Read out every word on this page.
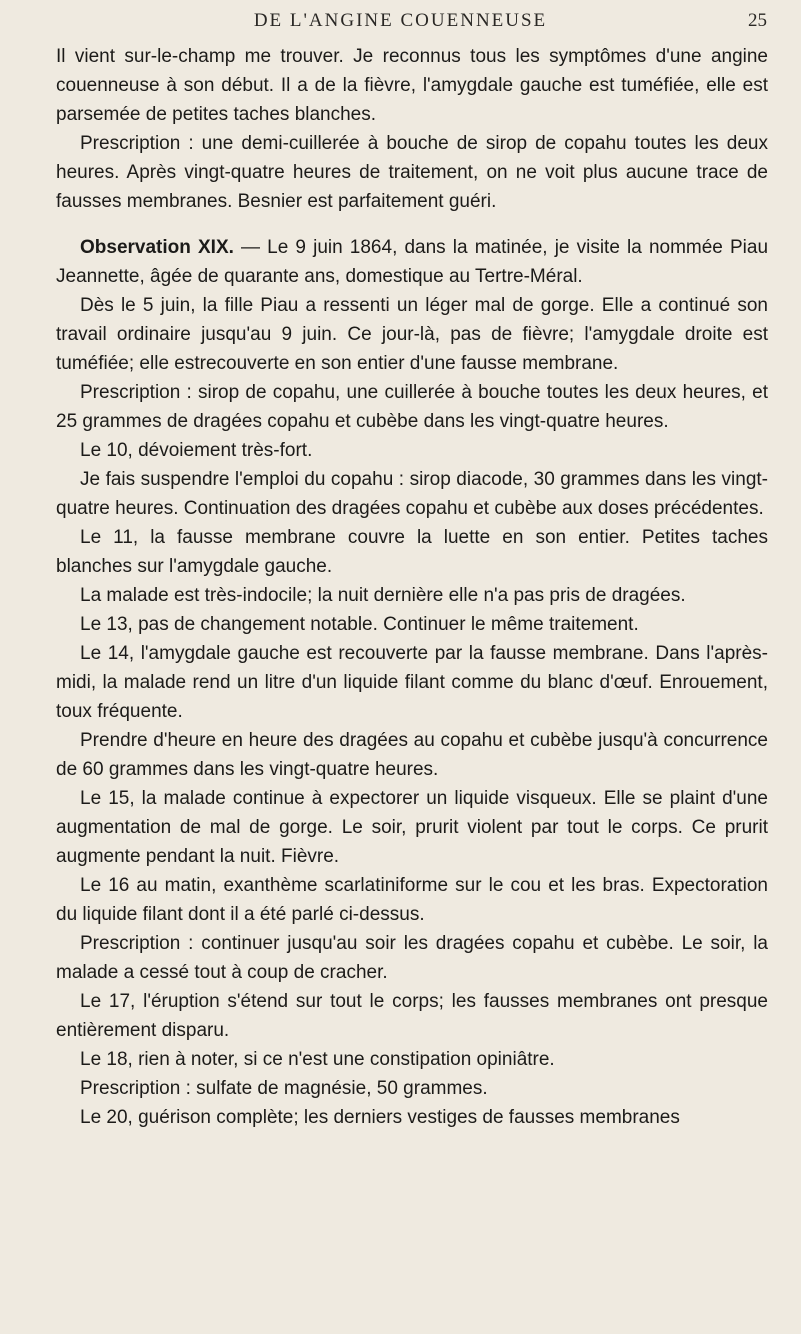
DE L'ANGINE COUENNEUSE	25

Il vient sur-le-champ me trouver. Je reconnus tous les symptômes d'une angine couenneuse à son début. Il a de la fièvre, l'amygdale gauche est tuméfiée, elle est parsemée de petites taches blanches.

Prescription : une demi-cuillerée à bouche de sirop de copahu toutes les deux heures. Après vingt-quatre heures de traitement, on ne voit plus aucune trace de fausses membranes. Besnier est parfaitement guéri.

Observation XIX. — Le 9 juin 1864, dans la matinée, je visite la nommée Piau Jeannette, âgée de quarante ans, domestique au Tertre-Méral.

Dès le 5 juin, la fille Piau a ressenti un léger mal de gorge. Elle a continué son travail ordinaire jusqu'au 9 juin. Ce jour-là, pas de fièvre; l'amygdale droite est tuméfiée; elle estrecouverte en son entier d'une fausse membrane.

Prescription : sirop de copahu, une cuillerée à bouche toutes les deux heures, et 25 grammes de dragées copahu et cubèbe dans les vingt-quatre heures.

Le 10, dévoiement très-fort.

Je fais suspendre l'emploi du copahu : sirop diacode, 30 grammes dans les vingt-quatre heures. Continuation des dragées copahu et cubèbe aux doses précédentes.

Le 11, la fausse membrane couvre la luette en son entier. Petites taches blanches sur l'amygdale gauche.

La malade est très-indocile; la nuit dernière elle n'a pas pris de dragées.

Le 13, pas de changement notable. Continuer le même traitement.

Le 14, l'amygdale gauche est recouverte par la fausse membrane. Dans l'après-midi, la malade rend un litre d'un liquide filant comme du blanc d'œuf. Enrouement, toux fréquente.

Prendre d'heure en heure des dragées au copahu et cubèbe jusqu'à concurrence de 60 grammes dans les vingt-quatre heures.

Le 15, la malade continue à expectorer un liquide visqueux. Elle se plaint d'une augmentation de mal de gorge. Le soir, prurit violent par tout le corps. Ce prurit augmente pendant la nuit. Fièvre.

Le 16 au matin, exanthème scarlatiniforme sur le cou et les bras. Expectoration du liquide filant dont il a été parlé ci-dessus.

Prescription : continuer jusqu'au soir les dragées copahu et cubèbe. Le soir, la malade a cessé tout à coup de cracher.

Le 17, l'éruption s'étend sur tout le corps; les fausses membranes ont presque entièrement disparu.

Le 18, rien à noter, si ce n'est une constipation opiniâtre.

Prescription : sulfate de magnésie, 50 grammes.

Le 20, guérison complète; les derniers vestiges de fausses membranes
